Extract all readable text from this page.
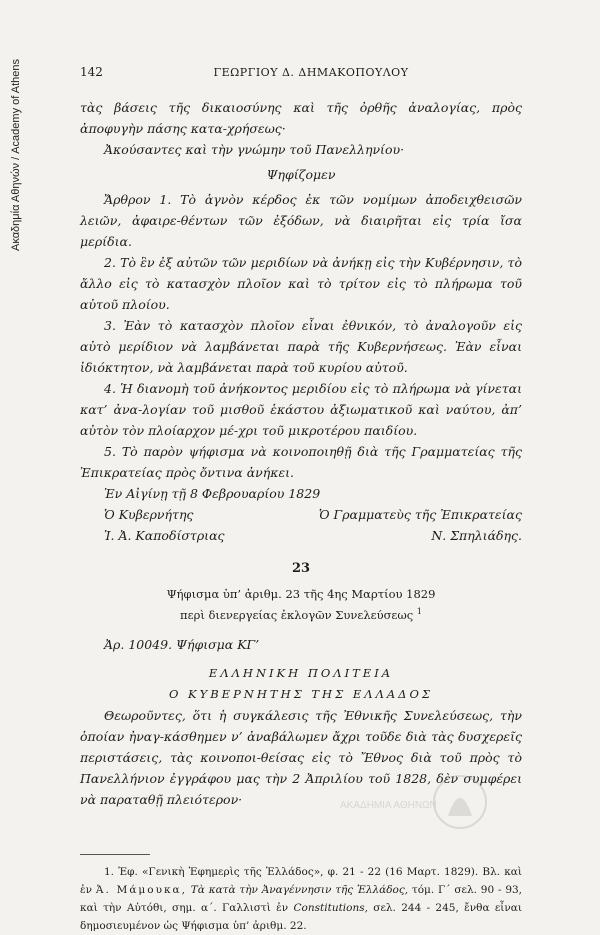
Ακαδημία Αθηνών / Academy of Athens	142	ΓΕΩΡΓΙΟΥ Δ. ΔΗΜΑΚΟΠΟΥΛΟΥ

τὰς βάσεις τῆς δικαιοσύνης καὶ τῆς ὀρθῆς ἀναλογίας, πρὸς ἀποφυγὴν πάσης κατα-χρήσεως·

Ἀκούσαντες καὶ τὴν γνώμην τοῦ Πανελληνίου·

Ψηφίζομεν

Ἄρθρον 1. Τὸ ἁγνὸν κέρδος ἐκ τῶν νομίμων ἀποδειχθεισῶν λειῶν, ἀφαιρε-θέντων τῶν ἐξόδων, νὰ διαιρῆται εἰς τρία ἴσα μερίδια.

2. Τὸ ἓν ἐξ αὐτῶν τῶν μεριδίων νὰ ἀνήκῃ εἰς τὴν Κυβέρνησιν, τὸ ἄλλο εἰς τὸ κατασχὸν πλοῖον καὶ τὸ τρίτον εἰς τὸ πλήρωμα τοῦ αὐτοῦ πλοίου.

3. Ἐὰν τὸ κατασχὸν πλοῖον εἶναι ἐθνικόν, τὸ ἀναλογοῦν εἰς αὐτὸ μερίδιον νὰ λαμβάνεται παρὰ τῆς Κυβερνήσεως. Ἐὰν εἶναι ἰδιόκτητον, νὰ λαμβάνεται παρὰ τοῦ κυρίου αὐτοῦ.

4. Ἡ διανομὴ τοῦ ἀνήκοντος μεριδίου εἰς τὸ πλήρωμα νὰ γίνεται κατ’ ἀνα-λογίαν τοῦ μισθοῦ ἑκάστου ἀξιωματικοῦ καὶ ναύτου, ἀπ’ αὐτὸν τὸν πλοίαρχον μέ-χρι τοῦ μικροτέρου παιδίου.

5. Τὸ παρὸν ψήφισμα νὰ κοινοποιηθῇ διὰ τῆς Γραμματείας τῆς Ἐπικρατείας πρὸς ὄντινα ἀνήκει.

Ἐν Αἰγίνῃ τῇ 8 Φεβρουαρίου 1829

Ὁ Κυβερνήτης	Ὁ Γραμματεὺς τῆς Ἐπικρατείας
Ἰ. Ἀ. Καποδίστριας	Ν. Σπηλιάδης.
23
Ψήφισμα ὑπ’ ἀριθμ. 23 τῆς 4ης Μαρτίου 1829
περὶ διενεργείας ἐκλογῶν Συνελεύσεως $^1$

Ἀρ. 10049. Ψήφισμα ΚΓ’

ΕΛΛΗΝΙΚΗ ΠΟΛΙΤΕΙΑ

Ο ΚΥΒΕΡΝΗΤΗΣ ΤΗΣ ΕΛΛΑΔΟΣ

Θεωροῦντες, ὅτι ἡ συγκάλεσις τῆς Ἐθνικῆς Συνελεύσεως, τὴν ὁποίαν ἠναγ-κάσθημεν ν’ ἀναβάλωμεν ἄχρι τοῦδε διὰ τὰς δυσχερεῖς περιστάσεις, τὰς κοινοποι-θείσας εἰς τὸ Ἔθνος διὰ τοῦ πρὸς τὸ Πανελλήνιον ἐγγράφου μας τὴν 2 Ἀπριλίου τοῦ 1828, δὲν συμφέρει νὰ παραταθῇ πλειότερον·

1. Ἐφ. «Γενικὴ Ἐφημερὶς τῆς Ἑλλάδος», φ. 21 - 22 (16 Μαρτ. 1829). Βλ. καὶ ἐν Ἀ. Μάμουκα, Τὰ κατὰ τὴν Ἀναγέννησιν τῆς Ἑλλάδος, τόμ. Γ΄ σελ. 90 - 93, καὶ τὴν Αὐτόθι, σημ. α΄. Γαλλιστὶ ἐν Constitutions, σελ. 244 - 245, ἔνθα εἶναι δημοσιευμένον ὡς Ψήφισμα ὑπ’ ἀριθμ. 22.
ΑΚΑΔΗΜΙΑ ΑΘΗΝΩΝ
